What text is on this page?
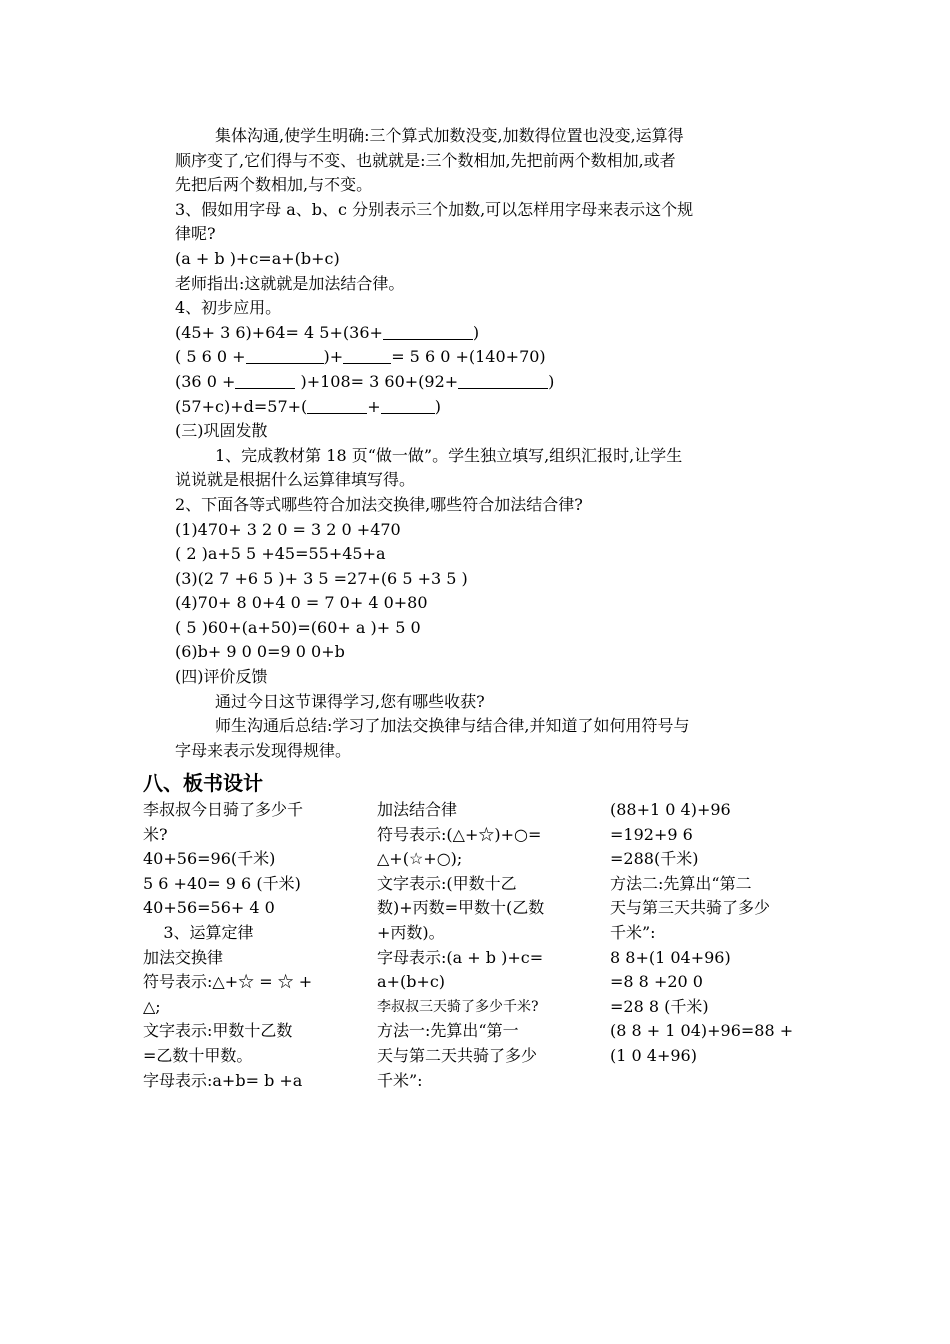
集体沟通,使学生明确:三个算式加数没变,加数得位置也没变,运算得
顺序变了,它们得与不变、也就就是:三个数相加,先把前两个数相加,或者
先把后两个数相加,与不变。
3、假如用字母 a、b、c 分别表示三个加数,可以怎样用字母来表示这个规
律呢?
(a + b )+c=a+(b+c)
老师指出:这就就是加法结合律。
4、初步应用。
(45+ 3 6)+64= 4 5+(36+	)
( 5 6 0 +	)+	= 5 6 0 +(140+70)
(36 0 +	)+108= 3 60+(92+	)
(57+c)+d=57+(	+	)
(三)巩固发散
1、完成教材第 18 页“做一做”。学生独立填写,组织汇报时,让学生
说说就是根据什么运算律填写得。
2、下面各等式哪些符合加法交换律,哪些符合加法结合律?
(1)470+ 3 2 0 = 3 2 0 +470
( 2 )a+5 5 +45=55+45+a
(3)(2 7 +6 5 )+ 3 5 =27+(6 5 +3 5 )
(4)70+ 8 0+4 0 = 7 0+ 4 0+80
( 5 )60+(a+50)=(60+ a )+ 5 0
(6)b+ 9 0 0=9 0 0+b
(四)评价反馈
通过今日这节课得学习,您有哪些收获?
师生沟通后总结:学习了加法交换律与结合律,并知道了如何用符号与
字母来表示发现得规律。
八、板书设计
李叔叔今日骑了多少千
米?
40+56=96(千米)
5 6 +40= 9 6 (千米)
40+56=56+ 4 0
3、运算定律
加法交换律
符号表示:△+☆ = ☆ +
△;
文字表示:甲数十乙数
=乙数十甲数。
字母表示:a+b= b +a
加法结合律
符号表示:(△+☆)+○=
△+(☆+○);
文字表示:(甲数十乙
数)+丙数=甲数十(乙数
+丙数)。
字母表示:(a + b )+c=
a+(b+c)
李叔叔三天骑了多少千米?
方法一:先算出“第一
天与第二天共骑了多少
千米”:
(88+1 0 4)+96
=192+9 6
=288(千米)
方法二:先算出“第二
天与第三天共骑了多少
千米”:
8 8+(1 04+96)
=8 8 +20 0
=28 8 (千米)
(8 8 + 1 04)+96=88 +
(1 0 4+96)
